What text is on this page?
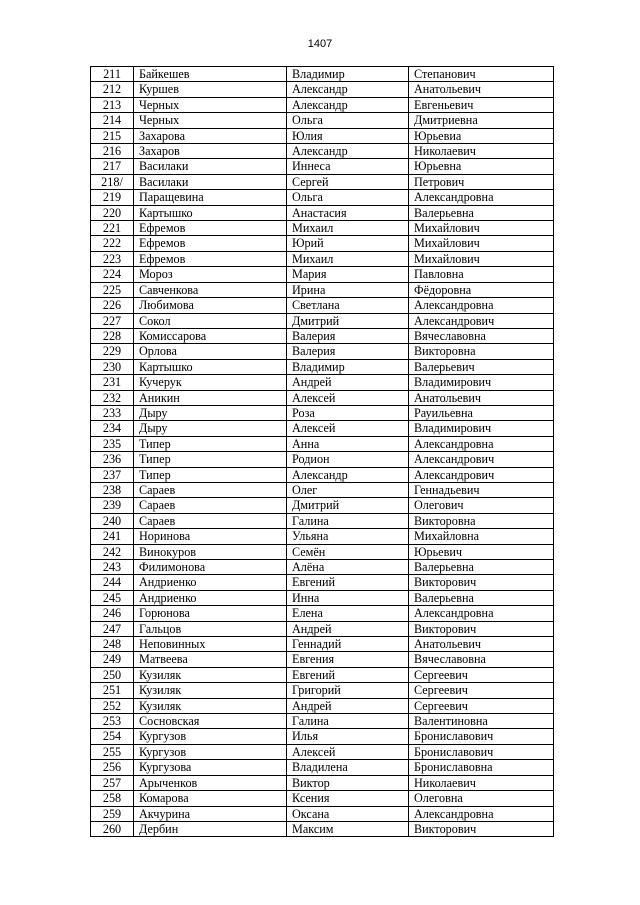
1407
211	Байкешев	Владимир	Степанович
212	Куршев	Александр	Анатольевич
213	Черных	Александр	Евгеньевич
214	Черных	Ольга	Дмитриевна
215	Захарова	Юлия	Юрьевиа
216	Захаров	Александр	Николаевич
217	Василаки	Иннеса	Юрьевна
218/	Василаки	Сергей	Петрович
219	Паращевина	Ольга	Александровна
220	Картышко	Анастасия	Валерьевна
221	Ефремов	Михаил	Михайлович
222	Ефремов	Юрий	Михайлович
223	Ефремов	Михаил	Михайлович
224	Мороз	Мария	Павловна
225	Савченкова	Ирина	Фёдоровна
226	Любимова	Светлана	Александровна
227	Сокол	Дмитрий	Александрович
228	Комиссарова	Валерия	Вячеславовна
229	Орлова	Валерия	Викторовна
230	Картышко	Владимир	Валерьевич
231	Кучерук	Андрей	Владимирович
232	Аникин	Алексей	Анатольевич
233	Дыру	Роза	Рауильевна
234	Дыру	Алексей	Владимирович
235	Типер	Анна	Александровна
236	Типер	Родион	Александрович
237	Типер	Александр	Александрович
238	Сараев	Олег	Геннадьевич
239	Сараев	Дмитрий	Олегович
240	Сараев	Галина	Викторовна
241	Норинова	Ульяна	Михайловна
242	Винокуров	Семён	Юрьевич
243	Филимонова	Алёна	Валерьевна
244	Андриенко	Евгений	Викторович
245	Андриенко	Инна	Валерьевна
246	Горюнова	Елена	Александровна
247	Гальцов	Андрей	Викторович
248	Неповинных	Геннадий	Анатольевич
249	Матвеева	Евгения	Вячеславовна
250	Кузиляк	Евгений	Сергеевич
251	Кузиляк	Григорий	Сергеевич
252	Кузиляк	Андрей	Сергеевич
253	Сосновская	Галина	Валентиновна
254	Кургузов	Илья	Брониславович
255	Кургузов	Алексей	Брониславович
256	Кургузова	Владилена	Брониславовна
257	Арыченков	Виктор	Николаевич
258	Комарова	Ксения	Олеговна
259	Акчурина	Оксана	Александровна
260	Дербин	Максим	Викторович
